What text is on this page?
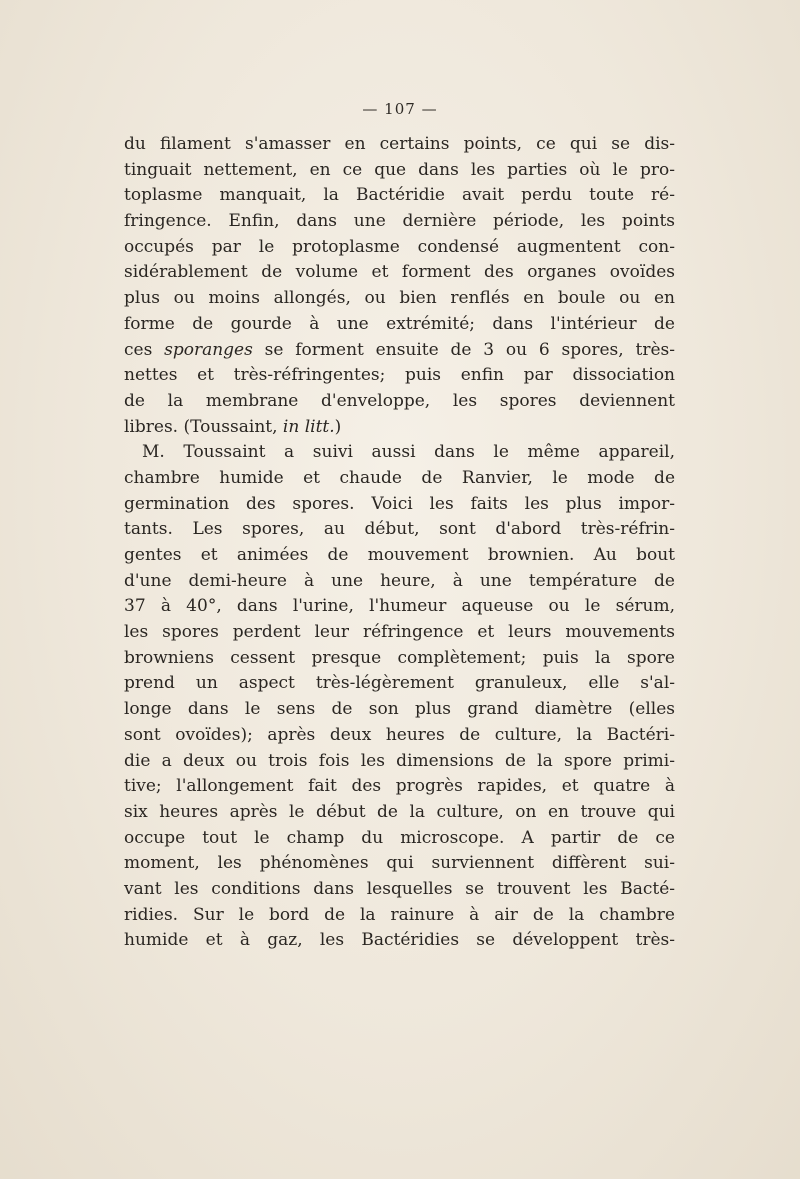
— 107 —
du filament s'amasser en certains points, ce qui se dis-
tinguait nettement, en ce que dans les parties où le pro-
toplasme manquait, la Bactéridie avait perdu toute ré-
fringence. Enfin, dans une dernière période, les points
occupés par le protoplasme condensé augmentent con-
sidérablement de volume et forment des organes ovoïdes
plus ou moins allongés, ou bien renflés en boule ou en
forme de gourde à une extrémité; dans l'intérieur de
ces sporanges se forment ensuite de 3 ou 6 spores, très-
nettes et très-réfringentes; puis enfin par dissociation
de la membrane d'enveloppe, les spores deviennent
libres. (Toussaint, in litt.)
M. Toussaint a suivi aussi dans le même appareil,
chambre humide et chaude de Ranvier, le mode de
germination des spores. Voici les faits les plus impor-
tants. Les spores, au début, sont d'abord très-réfrin-
gentes et animées de mouvement brownien. Au bout
d'une demi-heure à une heure, à une température de
37 à 40°, dans l'urine, l'humeur aqueuse ou le sérum,
les spores perdent leur réfringence et leurs mouvements
browniens cessent presque complètement; puis la spore
prend un aspect très-légèrement granuleux, elle s'al-
longe dans le sens de son plus grand diamètre (elles
sont ovoïdes); après deux heures de culture, la Bactéri-
die a deux ou trois fois les dimensions de la spore primi-
tive; l'allongement fait des progrès rapides, et quatre à
six heures après le début de la culture, on en trouve qui
occupe tout le champ du microscope. A partir de ce
moment, les phénomènes qui surviennent diffèrent sui-
vant les conditions dans lesquelles se trouvent les Bacté-
ridies. Sur le bord de la rainure à air de la chambre
humide et à gaz, les Bactéridies se développent très-
